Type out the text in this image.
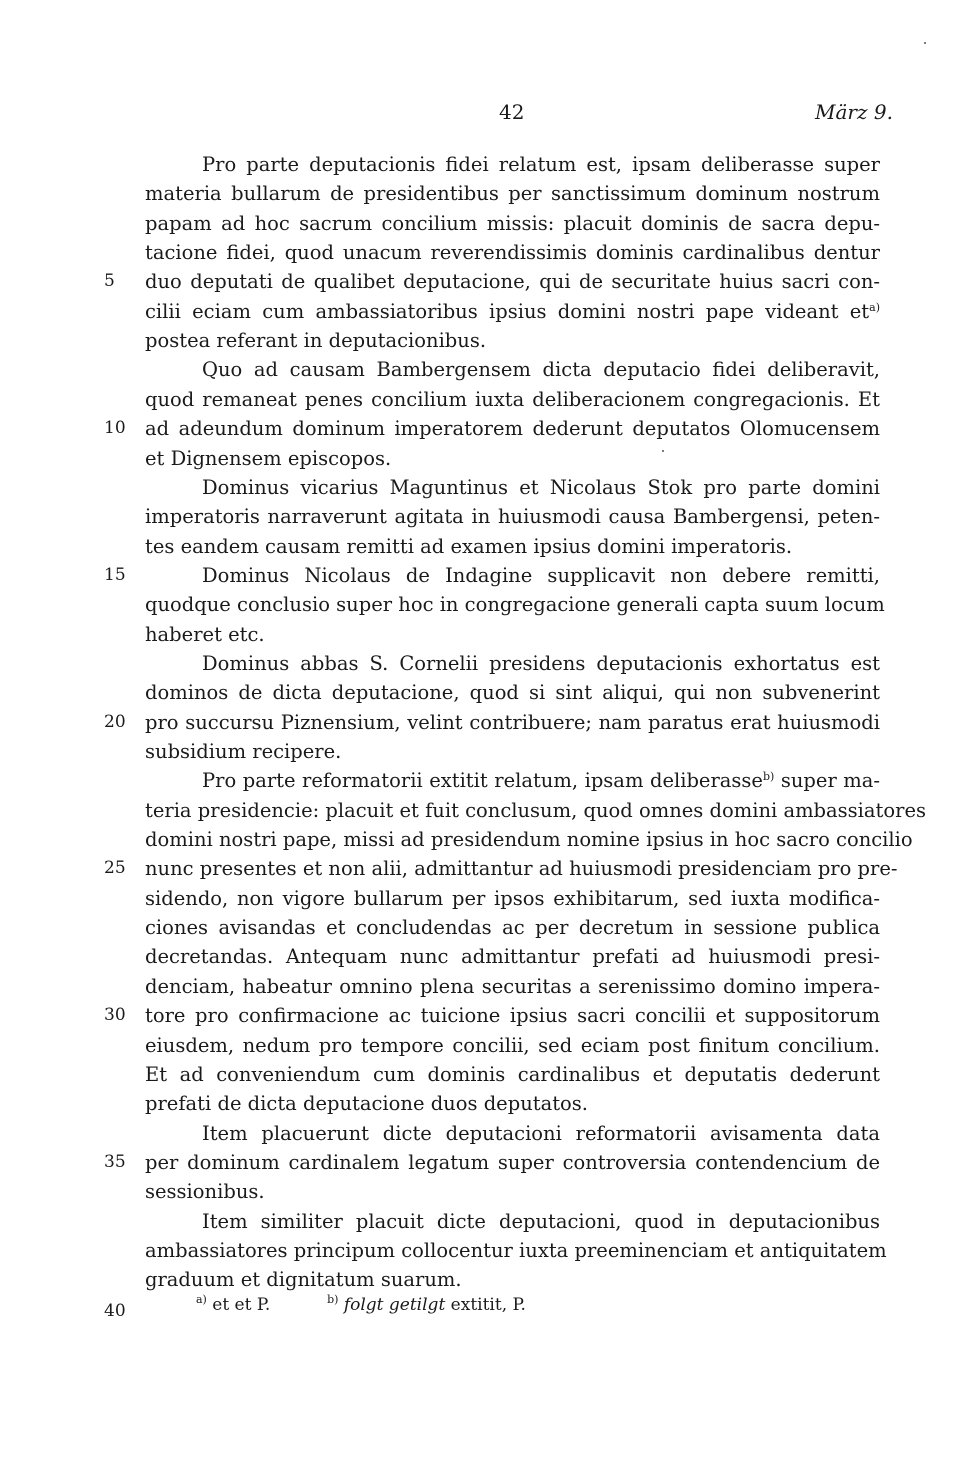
42	März 9.
Pro parte deputacionis fidei relatum est, ipsam deliberasse super
materia bullarum de presidentibus per sanctissimum dominum nostrum
papam ad hoc sacrum concilium missis: placuit dominis de sacra depu-
tacione fidei, quod unacum reverendissimis dominis cardinalibus dentur
duo deputati de qualibet deputacione, qui de securitate huius sacri con-
5
cilii eciam cum ambassiatoribus ipsius domini nostri pape videant $et^{a)}$
postea referant in deputacionibus.
Quo ad causam Bambergensem dicta deputacio fidei deliberavit,
quod remaneat penes concilium iuxta deliberacionem congregacionis. Et
ad adeundum dominum imperatorem dederunt deputatos Olomucensem
10
et Dignensem episcopos.
Dominus vicarius Maguntinus et Nicolaus Stok pro parte domini
imperatoris narraverunt agitata in huiusmodi causa Bambergensi, peten-
tes eandem causam remitti ad examen ipsius domini imperatoris.
Dominus Nicolaus de Indagine supplicavit non debere remitti,
15
quodque conclusio super hoc in congregacione generali capta suum locum
haberet etc.
Dominus abbas S. Cornelii presidens deputacionis exhortatus est
dominos de dicta deputacione, quod si sint aliqui, qui non subvenerint
pro succursu Piznensium, velint contribuere; nam paratus erat huiusmodi
20
subsidium recipere.
Pro parte reformatorii extitit relatum, ipsam deliberasse$^{b)}$ super ma-
teria presidencie: placuit et fuit conclusum, quod omnes domini ambassiatores
domini nostri pape, missi ad presidendum nomine ipsius in hoc sacro concilio
nunc presentes et non alii, admittantur ad huiusmodi presidenciam pro pre-
25
sidendo, non vigore bullarum per ipsos exhibitarum, sed iuxta modifica-
ciones avisandas et concludendas ac per decretum in sessione publica
decretandas. Antequam nunc admittantur prefati ad huiusmodi presi-
denciam, habeatur omnino plena securitas a serenissimo domino impera-
tore pro confirmacione ac tuicione ipsius sacri concilii et suppositorum
30
eiusdem, nedum pro tempore concilii, sed eciam post finitum concilium.
Et ad conveniendum cum dominis cardinalibus et deputatis dederunt
prefati de dicta deputacione duos deputatos.
Item placuerunt dicte deputacioni reformatorii avisamenta data
per dominum cardinalem legatum super controversia contendencium de
35
sessionibus.
Item similiter placuit dicte deputacioni, quod in deputacionibus
ambassiatores principum collocentur iuxta preeminenciam et antiquitatem
graduum et dignitatum suarum.
40
$^{a)}$ et et P.	$^{b)}$ folgt getilgt extitit, P.
